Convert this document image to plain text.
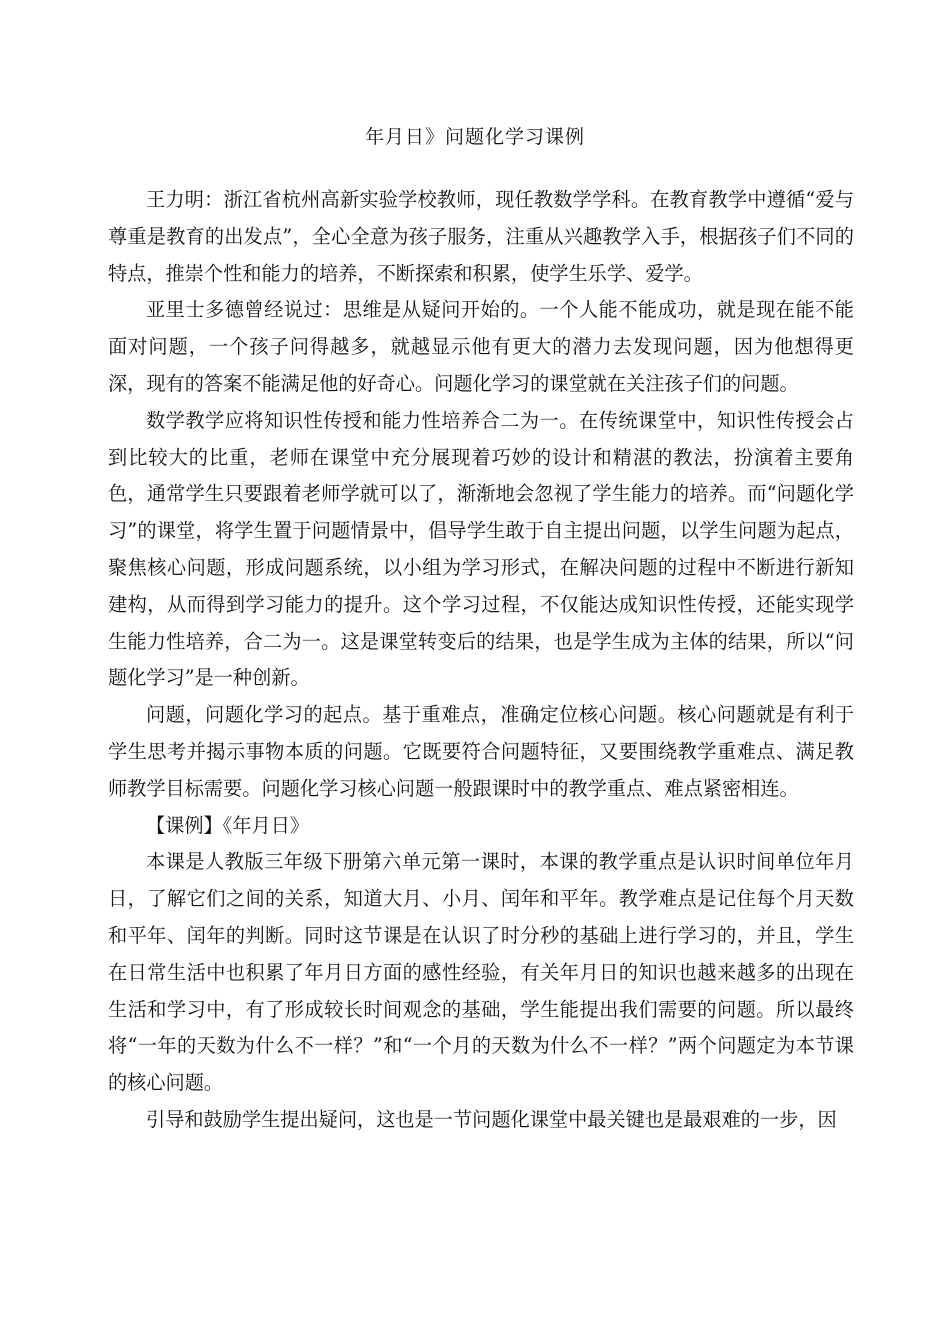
年月日》问题化学习课例

王力明：浙江省杭州高新实验学校教师，现任教数学学科。在教育教学中遵循“爱与尊重是教育的出发点”，全心全意为孩子服务，注重从兴趣教学入手，根据孩子们不同的特点，推崇个性和能力的培养，不断探索和积累，使学生乐学、爱学。

亚里士多德曾经说过：思维是从疑问开始的。一个人能不能成功，就是现在能不能面对问题，一个孩子问得越多，就越显示他有更大的潜力去发现问题，因为他想得更深，现有的答案不能满足他的好奇心。问题化学习的课堂就在关注孩子们的问题。

数学教学应将知识性传授和能力性培养合二为一。在传统课堂中，知识性传授会占到比较大的比重，老师在课堂中充分展现着巧妙的设计和精湛的教法，扮演着主要角色，通常学生只要跟着老师学就可以了，渐渐地会忽视了学生能力的培养。而“问题化学习”的课堂，将学生置于问题情景中，倡导学生敢于自主提出问题，以学生问题为起点，聚焦核心问题，形成问题系统，以小组为学习形式，在解决问题的过程中不断进行新知建构，从而得到学习能力的提升。这个学习过程，不仅能达成知识性传授，还能实现学生能力性培养，合二为一。这是课堂转变后的结果，也是学生成为主体的结果，所以“问题化学习”是一种创新。

问题，问题化学习的起点。基于重难点，准确定位核心问题。核心问题就是有利于学生思考并揭示事物本质的问题。它既要符合问题特征，又要围绕教学重难点、满足教师教学目标需要。问题化学习核心问题一般跟课时中的教学重点、难点紧密相连。

【课例】《年月日》

本课是人教版三年级下册第六单元第一课时，本课的教学重点是认识时间单位年月日，了解它们之间的关系，知道大月、小月、闰年和平年。教学难点是记住每个月天数和平年、闰年的判断。同时这节课是在认识了时分秒的基础上进行学习的，并且，学生在日常生活中也积累了年月日方面的感性经验，有关年月日的知识也越来越多的出现在生活和学习中，有了形成较长时间观念的基础，学生能提出我们需要的问题。所以最终将“一年的天数为什么不一样？”和“一个月的天数为什么不一样？”两个问题定为本节课的核心问题。

引导和鼓励学生提出疑问，这也是一节问题化课堂中最关键也是最艰难的一步，因
